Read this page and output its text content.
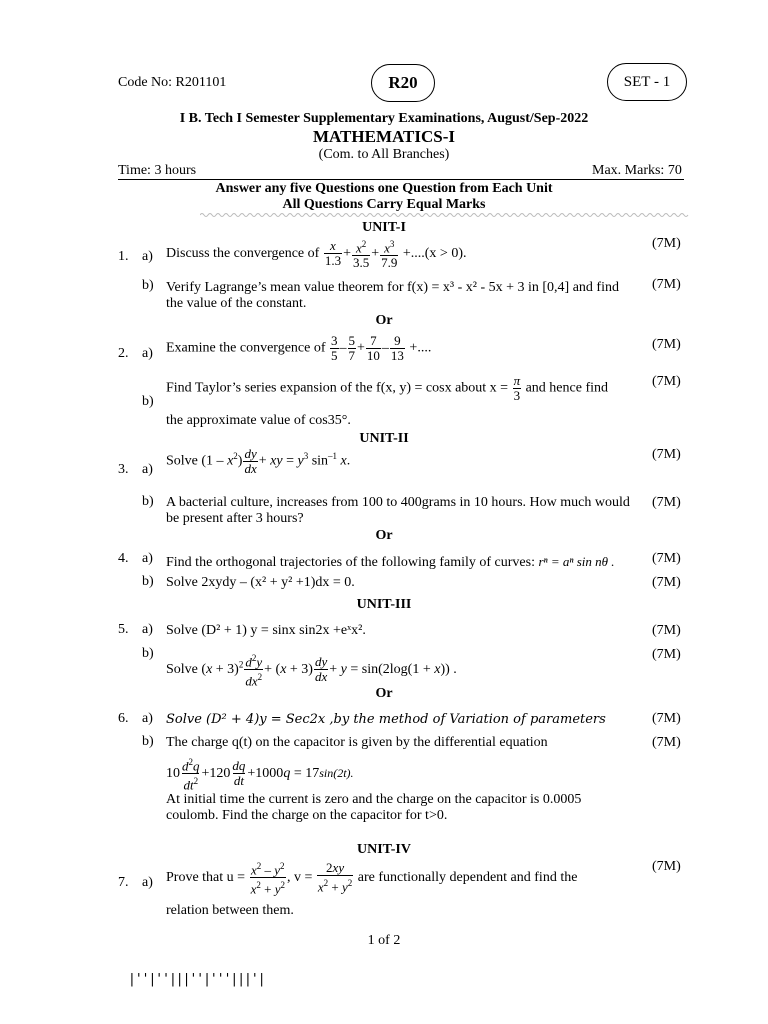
Code No: R201101	R20	SET - 1
I B. Tech I Semester Supplementary Examinations, August/Sep-2022
MATHEMATICS-I
(Com. to All Branches)
Time: 3 hours	Max. Marks: 70
Answer any five Questions one Question from Each Unit
All Questions Carry Equal Marks
UNIT-I
1. a) Discuss the convergence of $\frac{x}{1.3} + \frac{x^2}{3.5} + \frac{x^3}{7.9} +....(x > 0)$.
(7M)
b) Verify Lagrange’s mean value theorem for f(x) = x³ - x² - 5x + 3 in [0,4] and find the value of the constant.
(7M)
Or
2. a) Examine the convergence of $\frac{3}{5} - \frac{5}{7} + \frac{7}{10} - \frac{9}{13}$ +....	(7M)
Find Taylor’s series expansion of the f(x, y) = cosx about $x = \frac{\pi}{3}$ and hence find
b)
(7M)
the approximate value of cos35°.
UNIT-II
3. a)
Solve $(1 - x^2) \frac{dy}{dx}$ + xy = $y^3$ $\sin^{-1} x$.	(7M)
b) A bacterial culture, increases from 100 to 400grams in 10 hours. How much would be present after 3 hours?
(7M)
Or
4. a) Find the orthogonal trajectories of the following family of curves: rⁿ = aⁿ sin nθ .	(7M)
b) Solve 2xydy – (x² + y² +1)dx = 0.	(7M)
UNIT-III
5. a) Solve (D² + 1) y = sinx sin2x +eˣx².	(7M)
b)
Solve $(x + 3)^2 \frac{d^2y}{dx^2} + (x + 3) \frac{dy}{dx} + y = \sin(2\log(1 + x))$ .
(7M)
Or
6. a) Solve (D² + 4)y = Sec2x ,by the method of Variation of parameters	(7M)
b) The charge q(t) on the capacitor is given by the differential equation	(7M)
$10 \frac{d^2q}{dt^2} +120 \frac{dq}{dt} +1000q = 17\sin(2t)$.
At initial time the current is zero and the charge on the capacitor is 0.0005 coulomb. Find the charge on the capacitor for t>0.
UNIT-IV
7. a) Prove that $u = \frac{x^2 - y^2}{x^2 + y^2}$ , $v = \frac{2xy}{x^2 + y^2}$ are functionally dependent and find the
(7M)
relation between them.
1 of 2
|''|''|||''|'''|||'|
